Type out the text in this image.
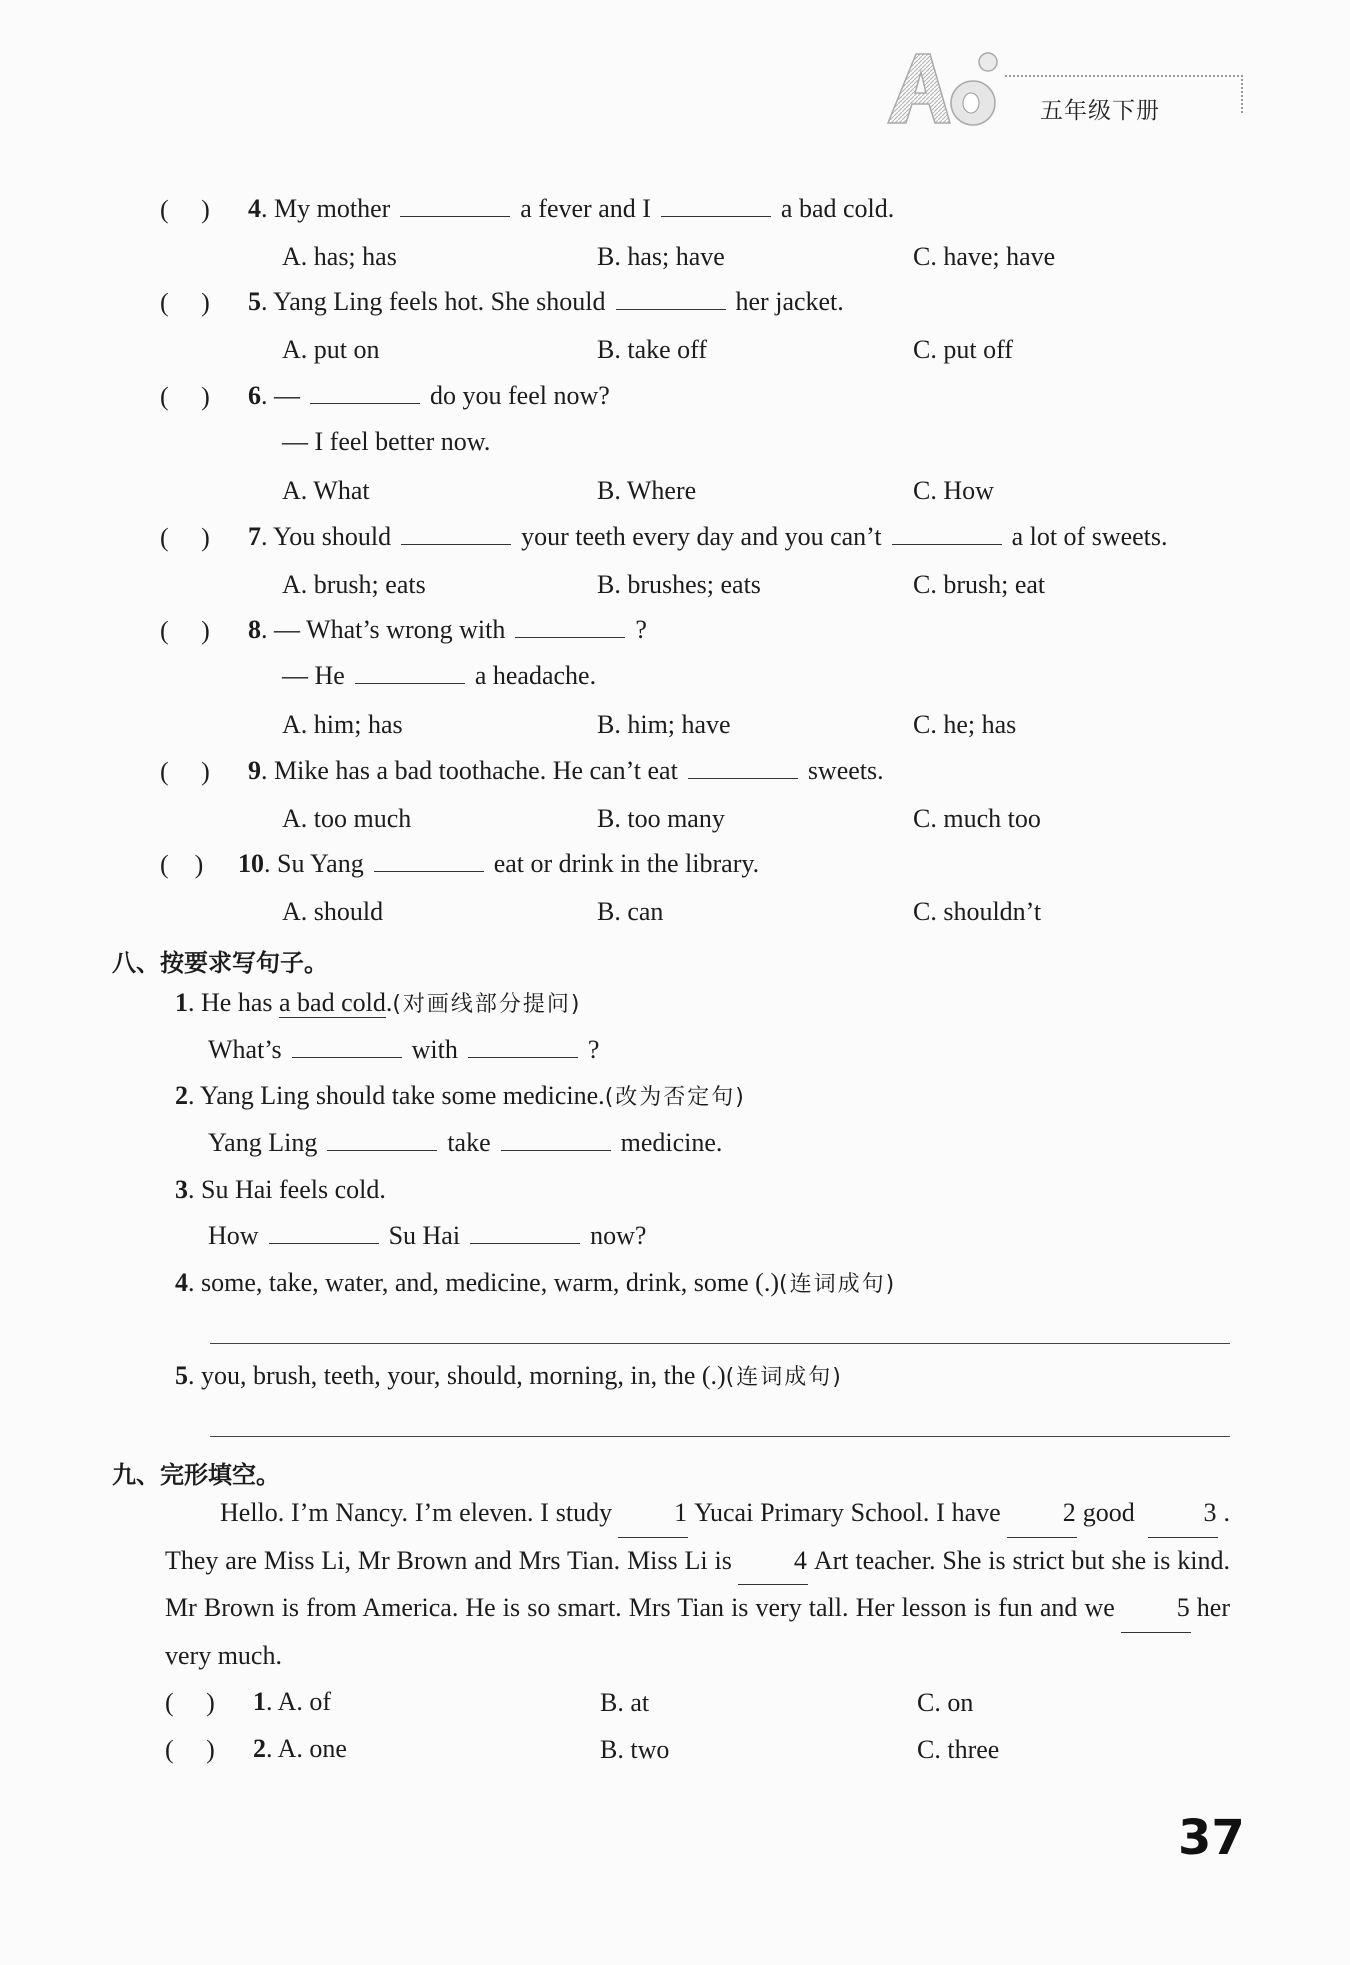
五年级下册
(     ) 4. My mother	a fever and I	a bad cold.
A. has; has	B. has; have	C. have; have
(     ) 5. Yang Ling feels hot. She should	her jacket.
A. put on	B. take off	C. put off
(     ) 6. —	do you feel now?
— I feel better now.
A. What	B. Where	C. How
(     ) 7. You should	your teeth every day and you can’t	a lot of sweets.
A. brush; eats	B. brushes; eats	C. brush; eat
(     ) 8. — What’s wrong with	?
— He	a headache.
A. him; has	B. him; have	C. he; has
(     ) 9. Mike has a bad toothache. He can’t eat	sweets.
A. too much	B. too many	C. much too
(    ) 10. Su Yang	eat or drink in the library.
A. should	B. can	C. shouldn’t
八、按要求写句子。
1. He has a bad cold.(对画线部分提问)
What’s	with	?
2. Yang Ling should take some medicine.(改为否定句)
Yang Ling	take	medicine.
3. Su Hai feels cold.
How	Su Hai	now?
4. some, take, water, and, medicine, warm, drink, some (.)(连词成句)
5. you, brush, teeth, your, should, morning, in, the (.)(连词成句)
九、完形填空。
Hello. I’m Nancy. I’m eleven. I study 1 Yucai Primary School. I have 2 good	3 . They are Miss Li, Mr Brown and Mrs Tian. Miss Li is 4 Art teacher. She is strict but she is kind. Mr Brown is from America. He is so smart. Mrs Tian is very tall. Her lesson is fun and we 5 her very much.
(     ) 1. A. of	B. at	C. on
(     ) 2. A. one	B. two	C. three
37
